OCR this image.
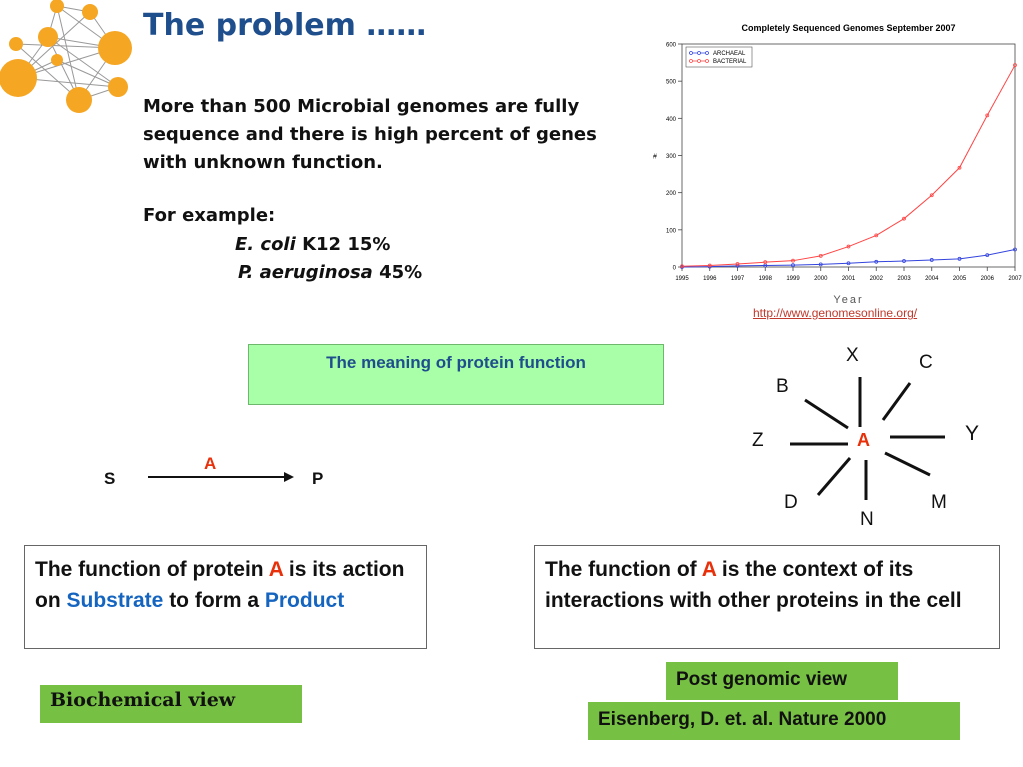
The problem ……
More than 500 Microbial genomes are fully sequence and there is high percent of genes with unknown function.
For example:
E. coli K12 15%
P. aeruginosa 45%
Completely Sequenced Genomes September 2007
0
100
200
300
400
500
600
1995 1996 1997 1998 1999 2000 2001 2002 2003 2004 2005 2006 2007
Year
#
ARCHAEAL
BACTERIAL
http://www.genomesonline.org/
The meaning of protein function
A
S	P
A
X	C
Y
M
N
D
Z
B
The function of protein A is its action on Substrate to form a Product
The function of A is the context of its interactions with other proteins in the cell
Biochemical view
Post genomic view
Eisenberg, D. et. al. Nature 2000
